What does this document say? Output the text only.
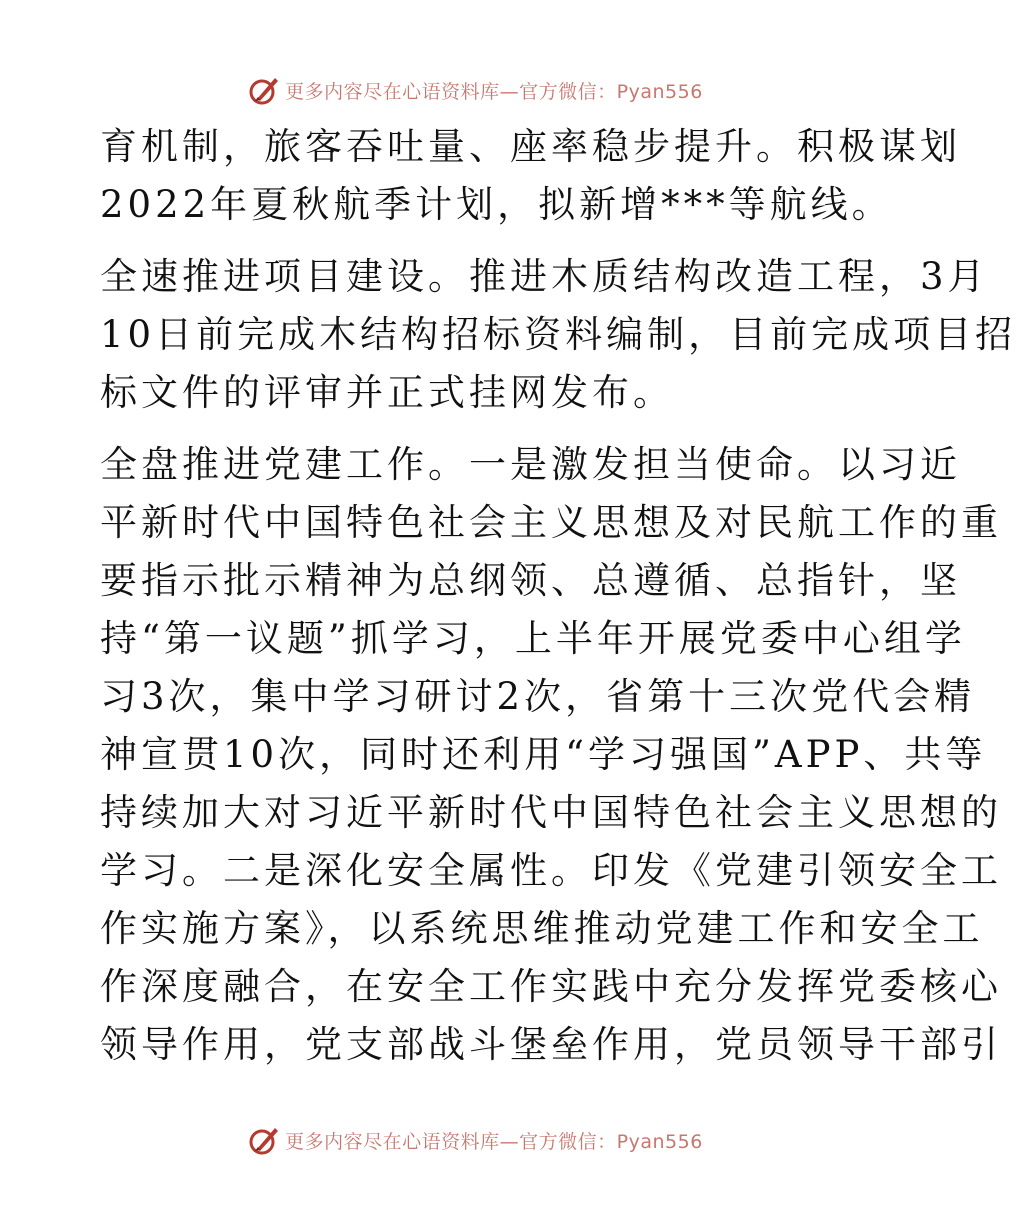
更多内容尽在心语资料库—官方微信：Pyan556

育机制，旅客吞吐量、座率稳步提升。积极谋划
2022年夏秋航季计划，拟新增***等航线。

全速推进项目建设。推进木质结构改造工程，3月
10日前完成木结构招标资料编制，目前完成项目招
标文件的评审并正式挂网发布。

全盘推进党建工作。一是激发担当使命。以习近
平新时代中国特色社会主义思想及对民航工作的重
要指示批示精神为总纲领、总遵循、总指针，坚
持“第一议题”抓学习，上半年开展党委中心组学
习3次，集中学习研讨2次，省第十三次党代会精
神宣贯10次，同时还利用“学习强国”APP、共等
持续加大对习近平新时代中国特色社会主义思想的
学习。二是深化安全属性。印发《党建引领安全工
作实施方案》，以系统思维推动党建工作和安全工
作深度融合，在安全工作实践中充分发挥党委核心
领导作用，党支部战斗堡垒作用，党员领导干部引

更多内容尽在心语资料库—官方微信：Pyan556
